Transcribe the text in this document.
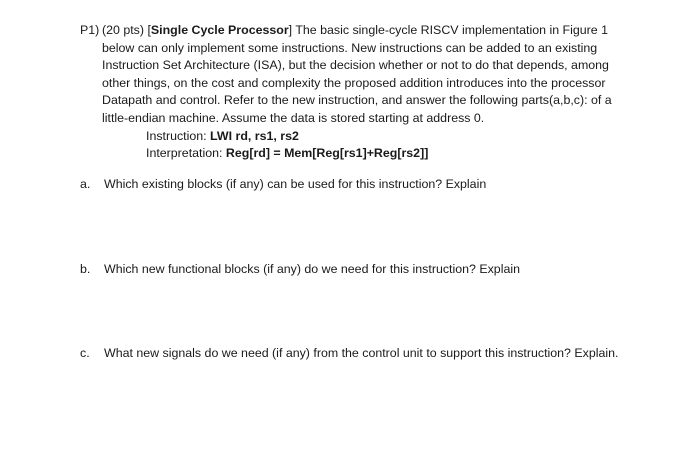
P1) (20 pts) [Single Cycle Processor] The basic single-cycle RISCV implementation in Figure 1 below can only implement some instructions. New instructions can be added to an existing Instruction Set Architecture (ISA), but the decision whether or not to do that depends, among other things, on the cost and complexity the proposed addition introduces into the processor Datapath and control. Refer to the new instruction, and answer the following parts(a,b,c): of a little-endian machine. Assume the data is stored starting at address 0.

Instruction: LWI rd, rs1, rs2

Interpretation: Reg[rd] = Mem[Reg[rs1]+Reg[rs2]]

a.	Which existing blocks (if any) can be used for this instruction? Explain
b.	Which new functional blocks (if any) do we need for this instruction? Explain
c.	What new signals do we need (if any) from the control unit to support this instruction? Explain.
